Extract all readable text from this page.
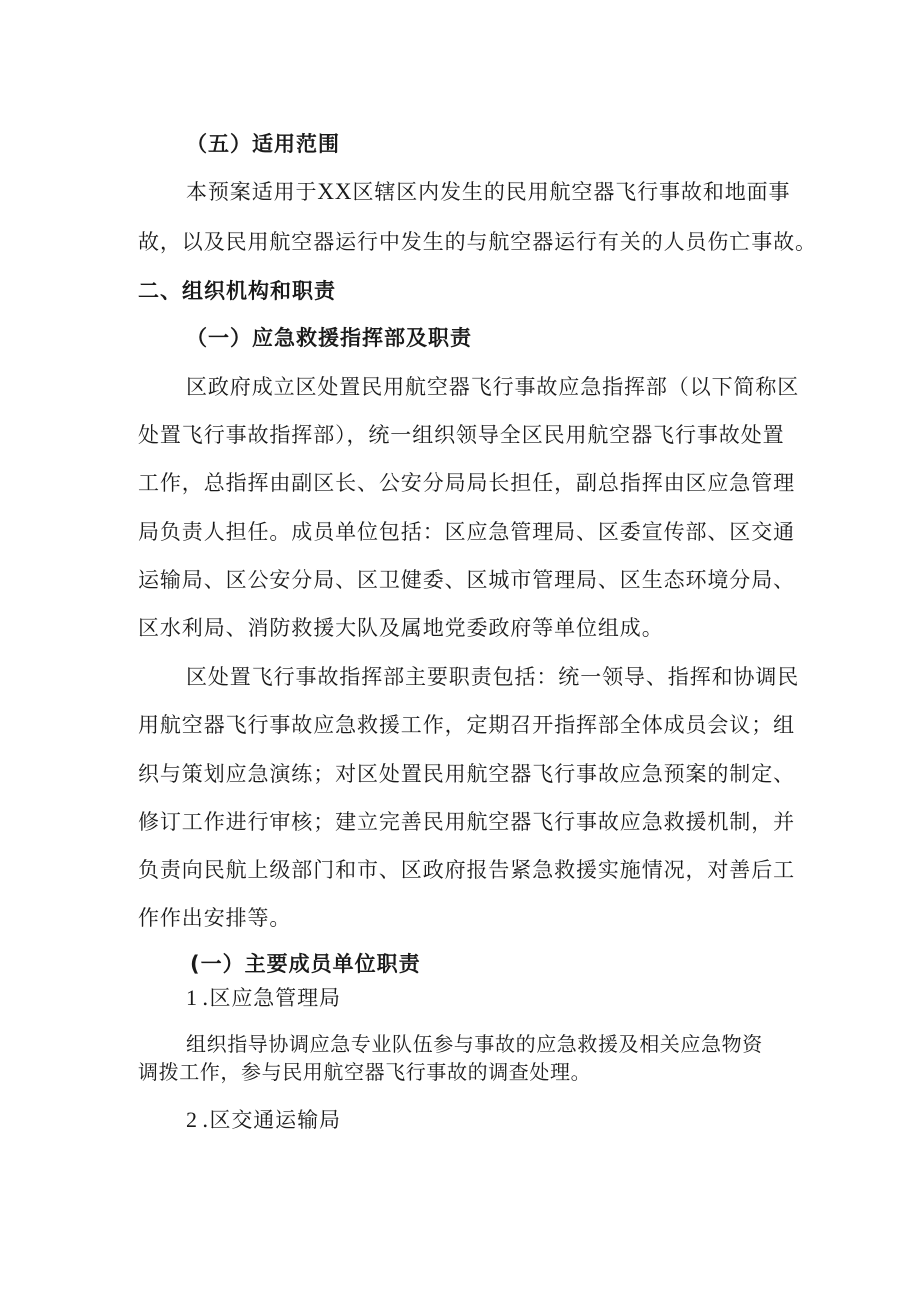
（五）适用范围
本预案适用于XX区辖区内发生的民用航空器飞行事故和地面事
故，以及民用航空器运行中发生的与航空器运行有关的人员伤亡事故。
二、组织机构和职责
（一）应急救援指挥部及职责
区政府成立区处置民用航空器飞行事故应急指挥部（以下简称区
处置飞行事故指挥部），统一组织领导全区民用航空器飞行事故处置
工作，总指挥由副区长、公安分局局长担任，副总指挥由区应急管理
局负责人担任。成员单位包括：区应急管理局、区委宣传部、区交通
运输局、区公安分局、区卫健委、区城市管理局、区生态环境分局、
区水利局、消防救援大队及属地党委政府等单位组成。
区处置飞行事故指挥部主要职责包括：统一领导、指挥和协调民
用航空器飞行事故应急救援工作，定期召开指挥部全体成员会议；组
织与策划应急演练；对区处置民用航空器飞行事故应急预案的制定、
修订工作进行审核；建立完善民用航空器飞行事故应急救援机制，并
负责向民航上级部门和市、区政府报告紧急救援实施情况，对善后工
作作出安排等。
(一）主要成员单位职责
1 .区应急管理局
组织指导协调应急专业队伍参与事故的应急救援及相关应急物资
调拨工作，参与民用航空器飞行事故的调查处理。
2 .区交通运输局
